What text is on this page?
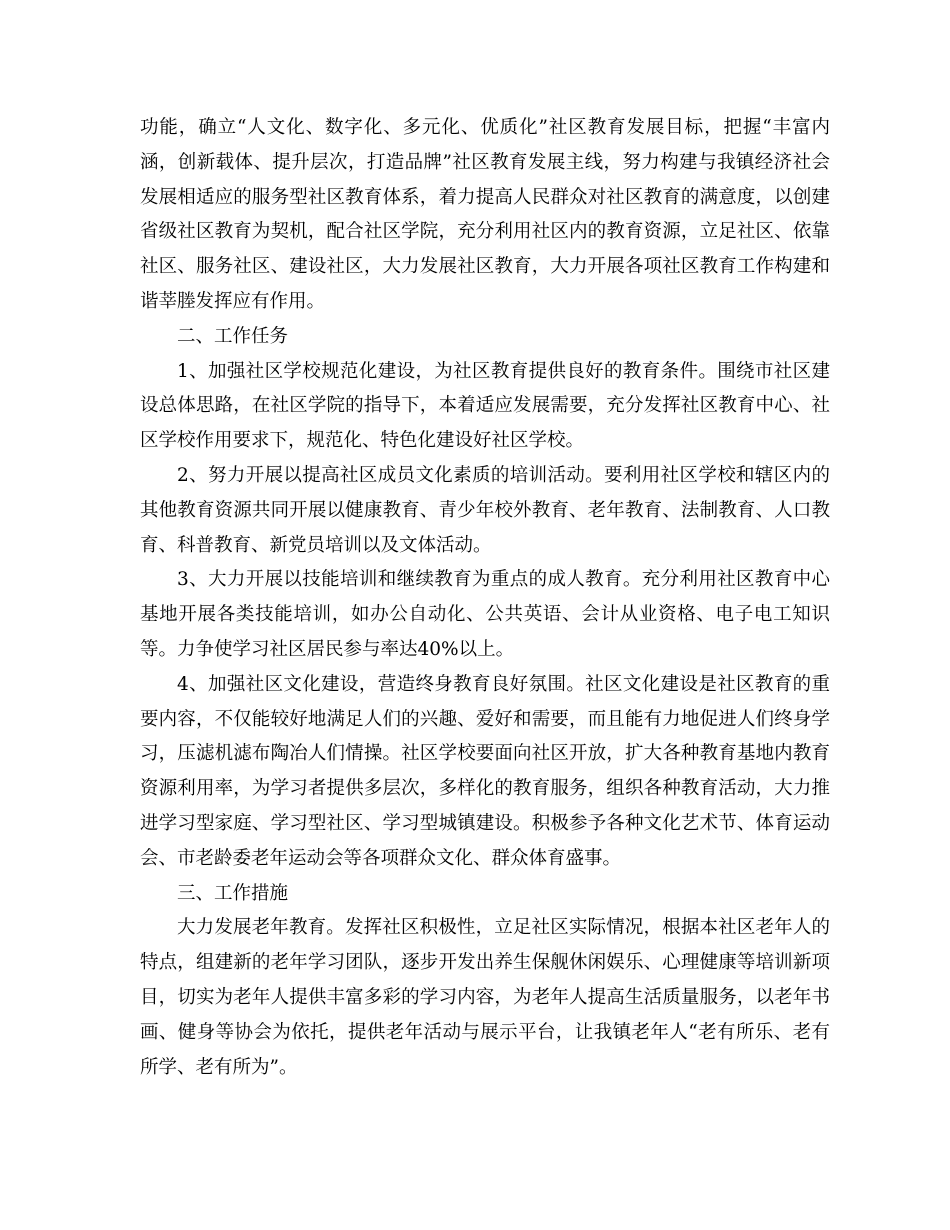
功能，确立“人文化、数字化、多元化、优质化”社区教育发展目标，把握“丰富内涵，创新载体、提升层次，打造品牌”社区教育发展主线，努力构建与我镇经济社会发展相适应的服务型社区教育体系，着力提高人民群众对社区教育的满意度，以创建省级社区教育为契机，配合社区学院，充分利用社区内的教育资源，立足社区、依靠社区、服务社区、建设社区，大力发展社区教育，大力开展各项社区教育工作构建和谐莘塍发挥应有作用。

二、工作任务

1、加强社区学校规范化建设，为社区教育提供良好的教育条件。围绕市社区建设总体思路，在社区学院的指导下，本着适应发展需要，充分发挥社区教育中心、社区学校作用要求下，规范化、特色化建设好社区学校。

2、努力开展以提高社区成员文化素质的培训活动。要利用社区学校和辖区内的其他教育资源共同开展以健康教育、青少年校外教育、老年教育、法制教育、人口教育、科普教育、新党员培训以及文体活动。

3、大力开展以技能培训和继续教育为重点的成人教育。充分利用社区教育中心基地开展各类技能培训，如办公自动化、公共英语、会计从业资格、电子电工知识等。力争使学习社区居民参与率达40%以上。

4、加强社区文化建设，营造终身教育良好氛围。社区文化建设是社区教育的重要内容，不仅能较好地满足人们的兴趣、爱好和需要，而且能有力地促进人们终身学习，压滤机滤布陶冶人们情操。社区学校要面向社区开放，扩大各种教育基地内教育资源利用率，为学习者提供多层次，多样化的教育服务，组织各种教育活动，大力推进学习型家庭、学习型社区、学习型城镇建设。积极参予各种文化艺术节、体育运动会、市老龄委老年运动会等各项群众文化、群众体育盛事。

三、工作措施

大力发展老年教育。发挥社区积极性，立足社区实际情况，根据本社区老年人的特点，组建新的老年学习团队，逐步开发出养生保舰休闲娱乐、心理健康等培训新项目，切实为老年人提供丰富多彩的学习内容，为老年人提高生活质量服务，以老年书画、健身等协会为依托，提供老年活动与展示平台，让我镇老年人“老有所乐、老有所学、老有所为”。
